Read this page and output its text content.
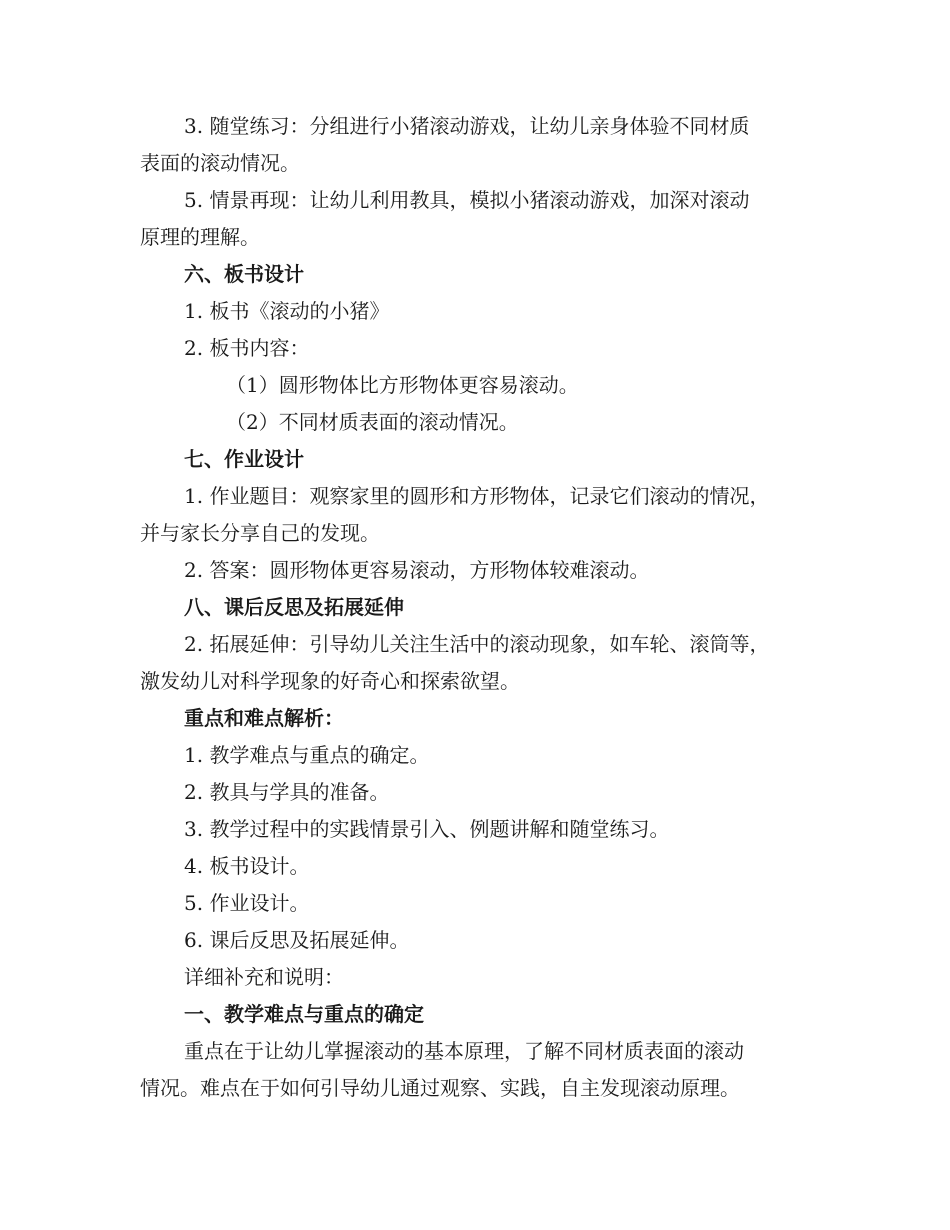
3. 随堂练习：分组进行小猪滚动游戏，让幼儿亲身体验不同材质
表面的滚动情况。
5. 情景再现：让幼儿利用教具，模拟小猪滚动游戏，加深对滚动
原理的理解。
六、板书设计
1. 板书《滚动的小猪》
2. 板书内容：
（1）圆形物体比方形物体更容易滚动。
（2）不同材质表面的滚动情况。
七、作业设计
1. 作业题目：观察家里的圆形和方形物体，记录它们滚动的情况，
并与家长分享自己的发现。
2. 答案：圆形物体更容易滚动，方形物体较难滚动。
八、课后反思及拓展延伸
2. 拓展延伸：引导幼儿关注生活中的滚动现象，如车轮、滚筒等，
激发幼儿对科学现象的好奇心和探索欲望。
重点和难点解析：
1. 教学难点与重点的确定。
2. 教具与学具的准备。
3. 教学过程中的实践情景引入、例题讲解和随堂练习。
4. 板书设计。
5. 作业设计。
6. 课后反思及拓展延伸。
详细补充和说明：
一、教学难点与重点的确定
重点在于让幼儿掌握滚动的基本原理，了解不同材质表面的滚动
情况。难点在于如何引导幼儿通过观察、实践，自主发现滚动原理。
